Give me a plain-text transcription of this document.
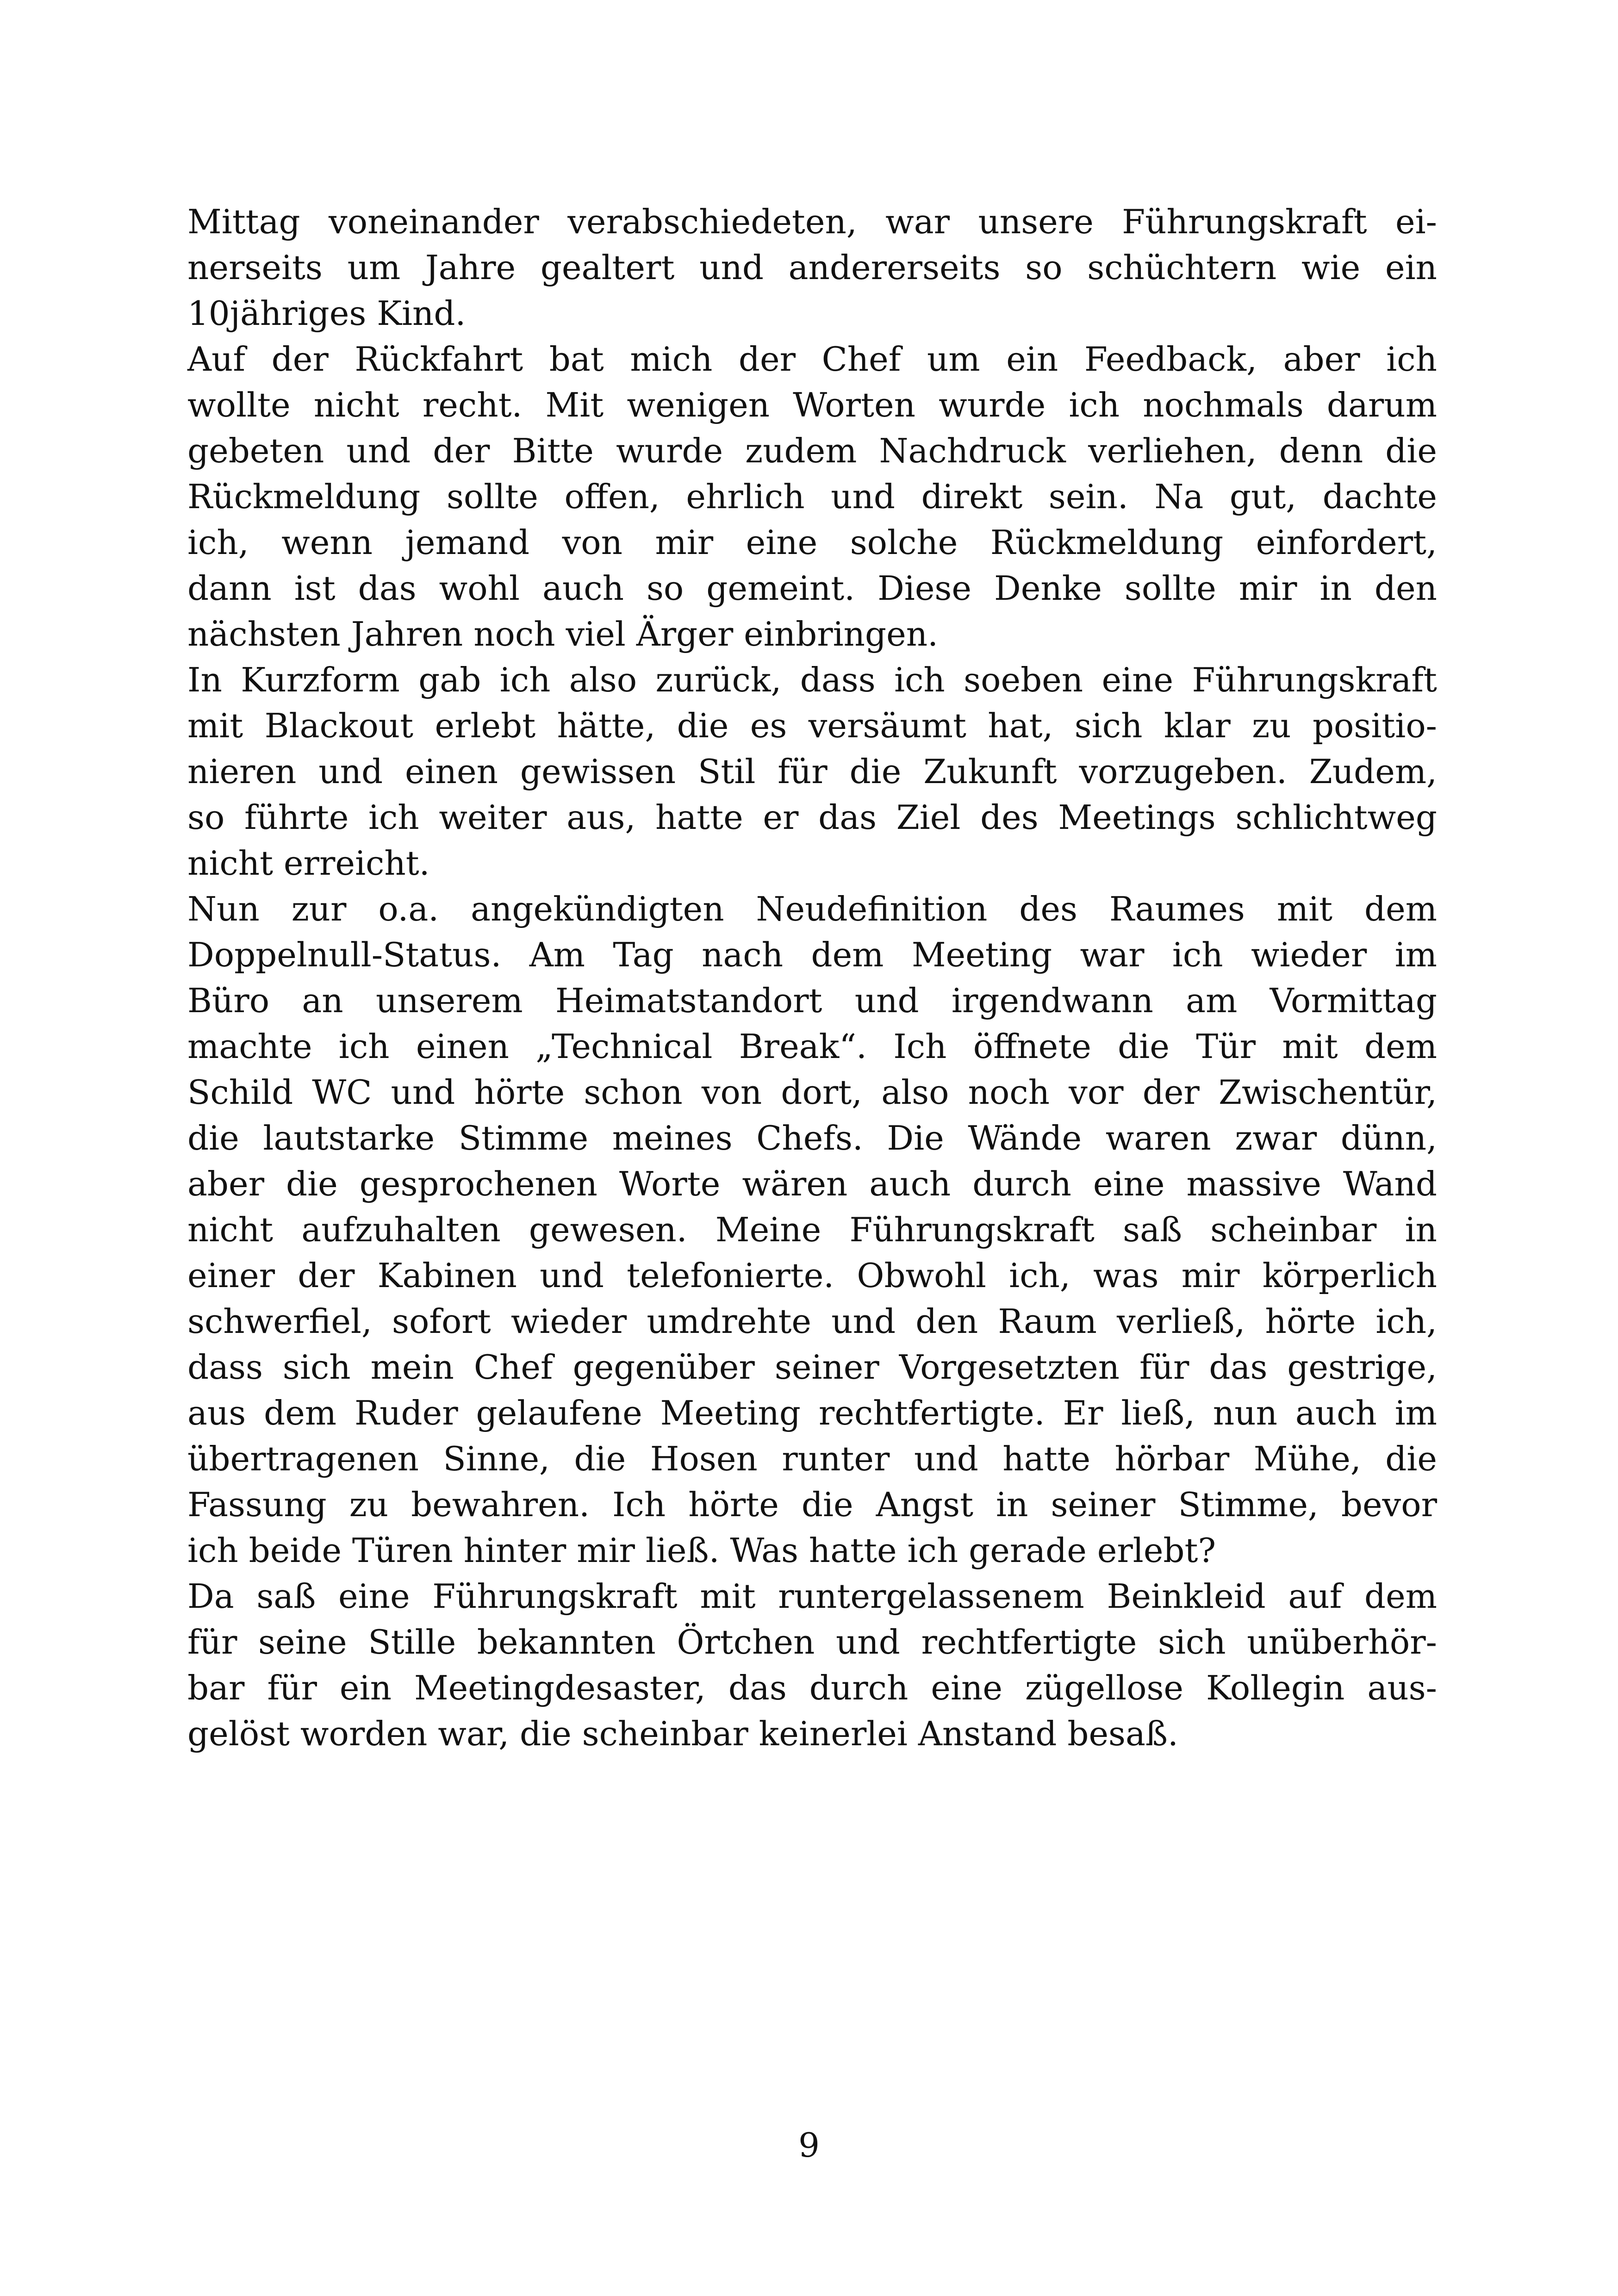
Mittag voneinander verabschiedeten, war unsere Führungskraft ei-
nerseits um Jahre gealtert und andererseits so schüchtern wie ein
10jähriges Kind.
Auf der Rückfahrt bat mich der Chef um ein Feedback, aber ich
wollte nicht recht. Mit wenigen Worten wurde ich nochmals darum
gebeten und der Bitte wurde zudem Nachdruck verliehen, denn die
Rückmeldung sollte offen, ehrlich und direkt sein. Na gut, dachte
ich, wenn jemand von mir eine solche Rückmeldung einfordert,
dann ist das wohl auch so gemeint. Diese Denke sollte mir in den
nächsten Jahren noch viel Ärger einbringen.
In Kurzform gab ich also zurück, dass ich soeben eine Führungskraft
mit Blackout erlebt hätte, die es versäumt hat, sich klar zu positio-
nieren und einen gewissen Stil für die Zukunft vorzugeben. Zudem,
so führte ich weiter aus, hatte er das Ziel des Meetings schlichtweg
nicht erreicht.
Nun zur o.a. angekündigten Neudefinition des Raumes mit dem
Doppelnull-Status. Am Tag nach dem Meeting war ich wieder im
Büro an unserem Heimatstandort und irgendwann am Vormittag
machte ich einen „Technical Break“. Ich öffnete die Tür mit dem
Schild WC und hörte schon von dort, also noch vor der Zwischentür,
die lautstarke Stimme meines Chefs. Die Wände waren zwar dünn,
aber die gesprochenen Worte wären auch durch eine massive Wand
nicht aufzuhalten gewesen. Meine Führungskraft saß scheinbar in
einer der Kabinen und telefonierte. Obwohl ich, was mir körperlich
schwerfiel, sofort wieder umdrehte und den Raum verließ, hörte ich,
dass sich mein Chef gegenüber seiner Vorgesetzten für das gestrige,
aus dem Ruder gelaufene Meeting rechtfertigte. Er ließ, nun auch im
übertragenen Sinne, die Hosen runter und hatte hörbar Mühe, die
Fassung zu bewahren. Ich hörte die Angst in seiner Stimme, bevor
ich beide Türen hinter mir ließ. Was hatte ich gerade erlebt?
Da saß eine Führungskraft mit runtergelassenem Beinkleid auf dem
für seine Stille bekannten Örtchen und rechtfertigte sich unüberhör-
bar für ein Meetingdesaster, das durch eine zügellose Kollegin aus-
gelöst worden war, die scheinbar keinerlei Anstand besaß.
9
